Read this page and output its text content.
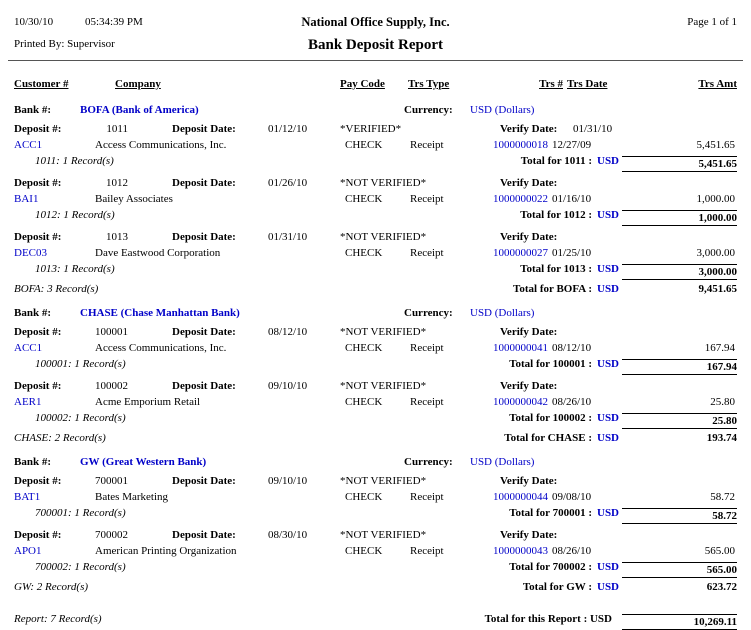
10/30/10	05:34:39 PM	National Office Supply, Inc.	Page 1 of 1
Printed By: Supervisor	Bank Deposit Report
Customer #	Company	Pay Code Trs Type	Trs # Trs Date	Trs Amt
Bank #:	BOFA (Bank of America)	Currency: USD (Dollars)
Deposit #:	1011	Deposit Date:	01/12/10	*VERIFIED*	Verify Date: 01/31/10
ACC1	Access Communications, Inc.	CHECK	Receipt	1000000018 12/27/09	5,451.65
1011: 1 Record(s)	Total for 1011 : USD	5,451.65
Deposit #:	1012	Deposit Date:	01/26/10	*NOT VERIFIED*	Verify Date:
BAI1	Bailey Associates	CHECK	Receipt	1000000022 01/16/10	1,000.00
1012: 1 Record(s)	Total for 1012 : USD	1,000.00
Deposit #:	1013	Deposit Date:	01/31/10	*NOT VERIFIED*	Verify Date:
DEC03	Dave Eastwood Corporation	CHECK	Receipt	1000000027 01/25/10	3,000.00
1013: 1 Record(s)	Total for 1013 : USD	3,000.00
BOFA: 3 Record(s)	Total for BOFA : USD	9,451.65
Bank #:	CHASE (Chase Manhattan Bank)	Currency: USD (Dollars)
Deposit #:	100001	Deposit Date:	08/12/10	*NOT VERIFIED*	Verify Date:
ACC1	Access Communications, Inc.	CHECK	Receipt	1000000041 08/12/10	167.94
100001: 1 Record(s)	Total for 100001 : USD	167.94
Deposit #:	100002	Deposit Date:	09/10/10	*NOT VERIFIED*	Verify Date:
AER1	Acme Emporium Retail	CHECK	Receipt	1000000042 08/26/10	25.80
100002: 1 Record(s)	Total for 100002 : USD	25.80
CHASE: 2 Record(s)	Total for CHASE : USD	193.74
Bank #:	GW (Great Western Bank)	Currency: USD (Dollars)
Deposit #:	700001	Deposit Date:	09/10/10	*NOT VERIFIED*	Verify Date:
BAT1	Bates Marketing	CHECK	Receipt	1000000044 09/08/10	58.72
700001: 1 Record(s)	Total for 700001 : USD	58.72
Deposit #:	700002	Deposit Date:	08/30/10	*NOT VERIFIED*	Verify Date:
APO1	American Printing Organization	CHECK	Receipt	1000000043 08/26/10	565.00
700002: 1 Record(s)	Total for 700002 : USD	565.00
GW: 2 Record(s)	Total for GW : USD	623.72
Report: 7 Record(s)	Total for this Report : USD	10,269.11
